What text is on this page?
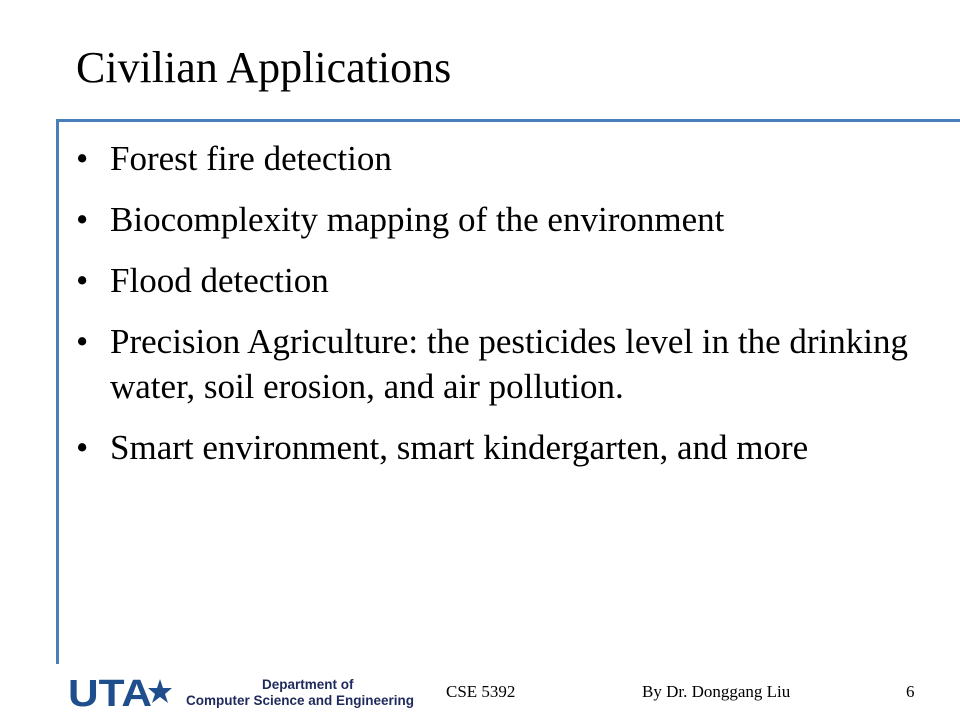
Civilian Applications
• Forest fire detection
• Biocomplexity mapping of the environment
• Flood detection
• Precision Agriculture: the pesticides level in the drinking water, soil erosion, and air pollution.
• Smart environment, smart kindergarten, and more
UTA	Department of
Computer Science and Engineering CSE 5392	By Dr. Donggang Liu	6
